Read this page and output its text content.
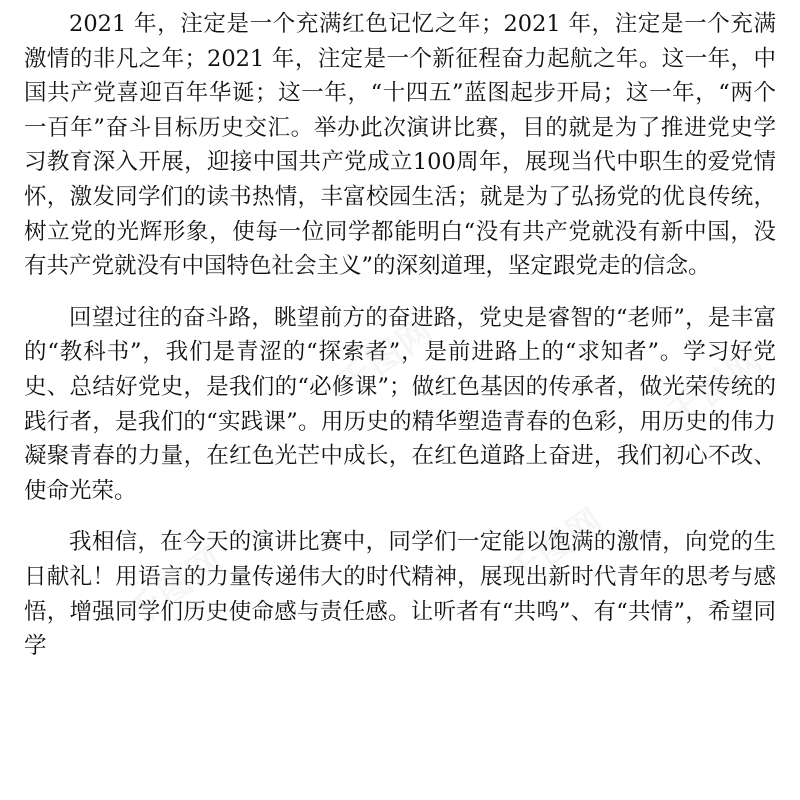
2021 年，注定是一个充满红色记忆之年；2021 年，注定是一个充满激情的非凡之年；2021 年，注定是一个新征程奋力起航之年。这一年，中国共产党喜迎百年华诞；这一年，“十四五”蓝图起步开局；这一年，“两个一百年”奋斗目标历史交汇。举办此次演讲比赛，目的就是为了推进党史学习教育深入开展，迎接中国共产党成立100周年，展现当代中职生的爱党情怀，激发同学们的读书热情，丰富校园生活；就是为了弘扬党的优良传统，树立党的光辉形象，使每一位同学都能明白“没有共产党就没有新中国，没有共产党就没有中国特色社会主义”的深刻道理，坚定跟党走的信念。

回望过往的奋斗路，眺望前方的奋进路，党史是睿智的“老师”，是丰富的“教科书”，我们是青涩的“探索者”，是前进路上的“求知者”。学习好党史、总结好党史，是我们的“必修课”；做红色基因的传承者，做光荣传统的践行者，是我们的“实践课”。用历史的精华塑造青春的色彩，用历史的伟力凝聚青春的力量，在红色光芒中成长，在红色道路上奋进，我们初心不改、使命光荣。

我相信，在今天的演讲比赛中，同学们一定能以饱满的激情，向党的生日献礼！用语言的力量传递伟大的时代精神，展现出新时代青年的思考与感悟，增强同学们历史使命感与责任感。让听者有“共鸣”、有“共情”，希望同学

千图网
千图网
千图网
千图网
